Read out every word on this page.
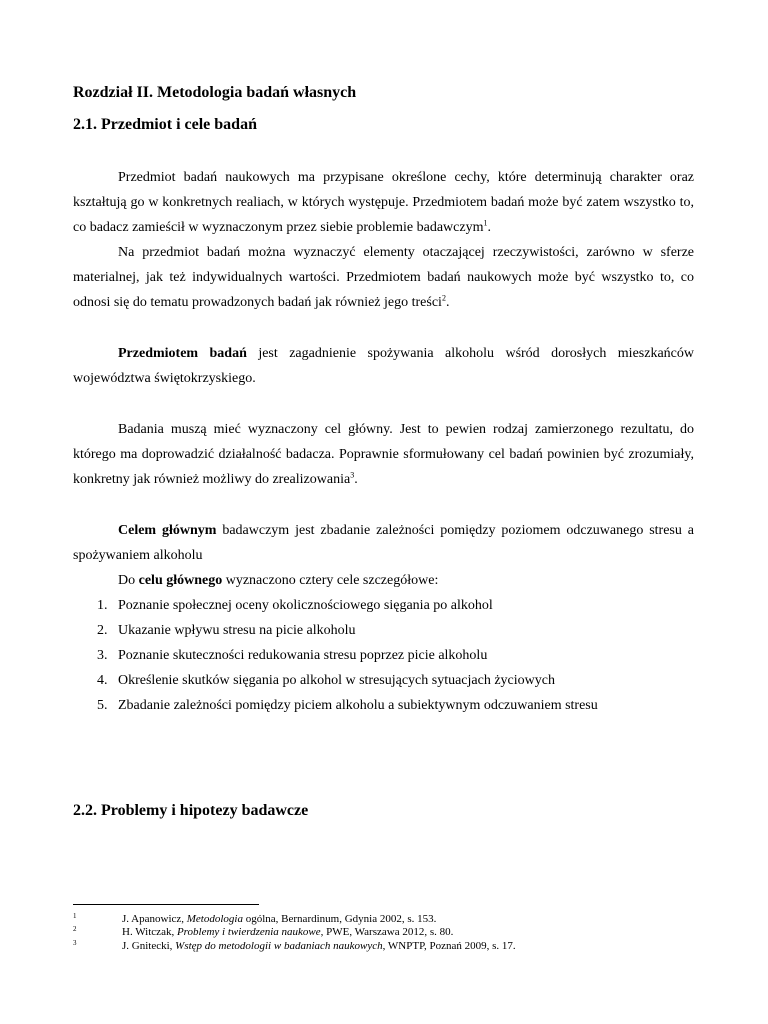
Rozdział II. Metodologia badań własnych
2.1. Przedmiot i cele badań

Przedmiot badań naukowych ma przypisane określone cechy, które determinują charakter oraz kształtują go w konkretnych realiach, w których występuje. Przedmiotem badań może być zatem wszystko to, co badacz zamieścił w wyznaczonym przez siebie problemie badawczym$^1$.

Na przedmiot badań można wyznaczyć elementy otaczającej rzeczywistości, zarówno w sferze materialnej, jak też indywidualnych wartości. Przedmiotem badań naukowych może być wszystko to, co odnosi się do tematu prowadzonych badań jak również jego treści$^2$.

Przedmiotem badań jest zagadnienie spożywania alkoholu wśród dorosłych mieszkańców województwa świętokrzyskiego.

Badania muszą mieć wyznaczony cel główny. Jest to pewien rodzaj zamierzonego rezultatu, do którego ma doprowadzić działalność badacza. Poprawnie sformułowany cel badań powinien być zrozumiały, konkretny jak również możliwy do zrealizowania$^3$.

Celem głównym badawczym jest zbadanie zależności pomiędzy poziomem odczuwanego stresu a spożywaniem alkoholu

Do celu głównego wyznaczono cztery cele szczegółowe:

1. Poznanie społecznej oceny okolicznościowego sięgania po alkohol
2. Ukazanie wpływu stresu na picie alkoholu
3. Poznanie skuteczności redukowania stresu poprzez picie alkoholu
4. Określenie skutków sięgania po alkohol w stresujących sytuacjach życiowych
5. Zbadanie zależności pomiędzy piciem alkoholu a subiektywnym odczuwaniem stresu
2.2. Problemy i hipotezy badawcze
1	J. Apanowicz, Metodologia ogólna, Bernardinum, Gdynia 2002, s. 153.
2	H. Witczak, Problemy i twierdzenia naukowe, PWE, Warszawa 2012, s. 80.
3	J. Gnitecki, Wstęp do metodologii w badaniach naukowych, WNPTP, Poznań 2009, s. 17.
